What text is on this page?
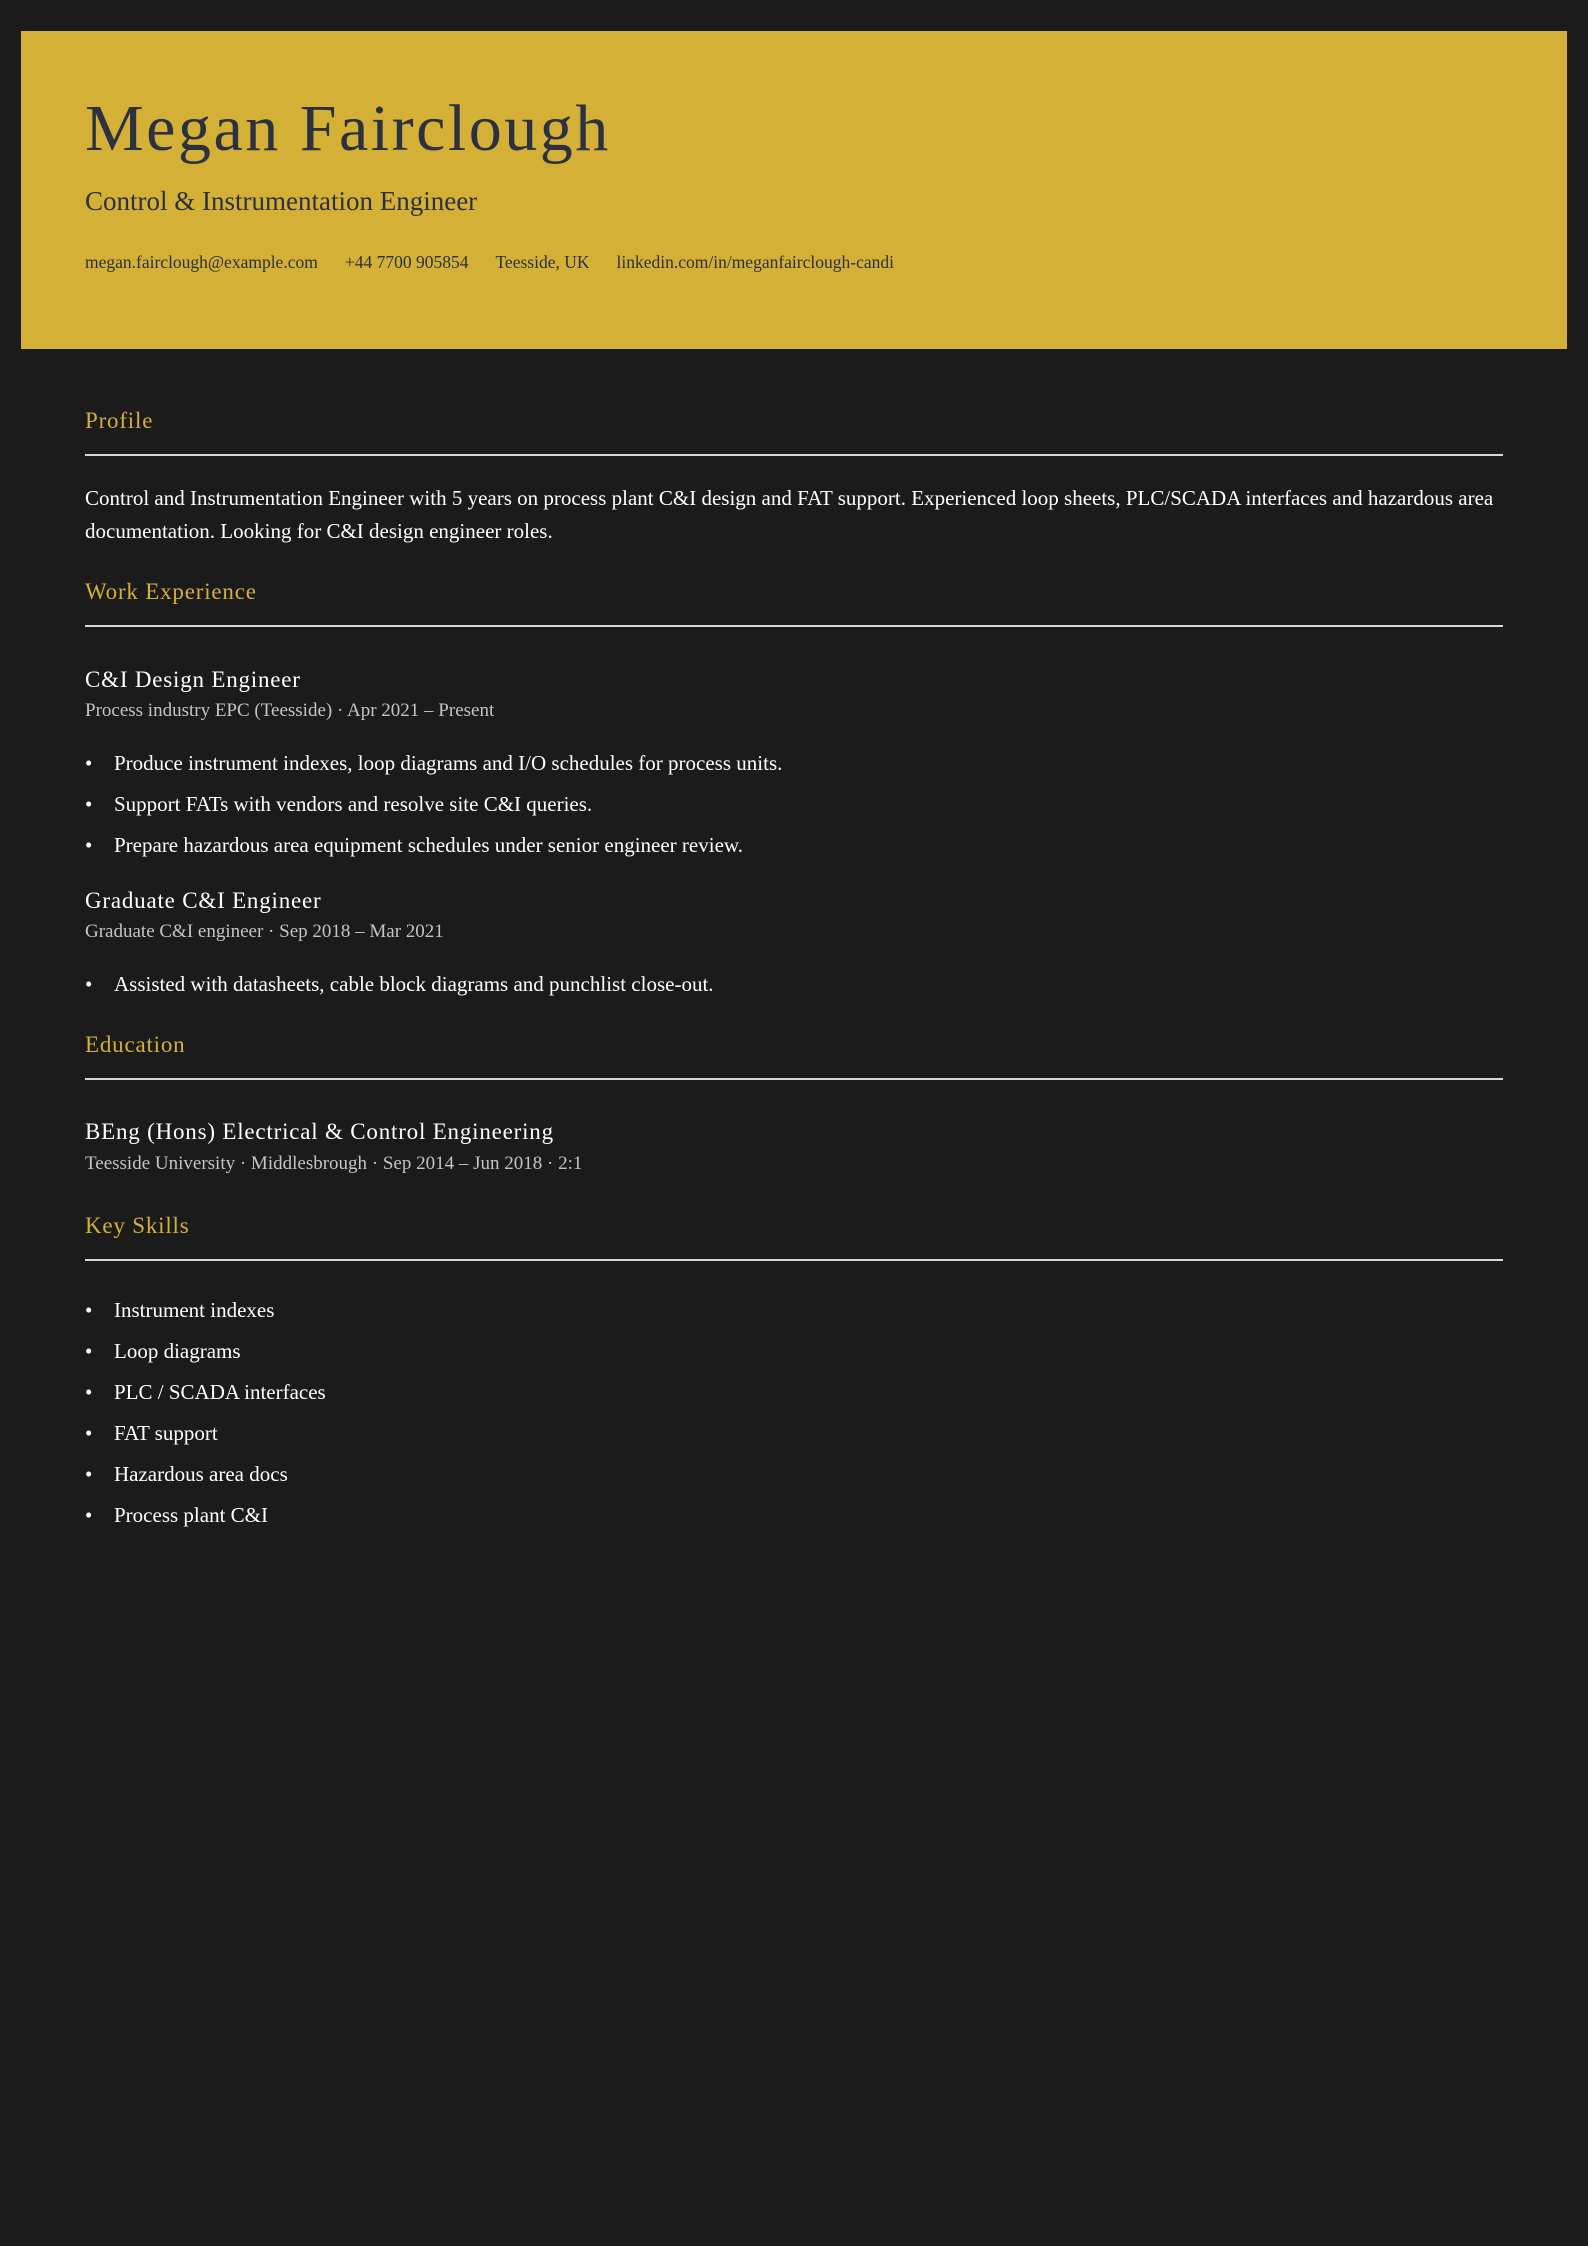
Megan Fairclough
Control & Instrumentation Engineer
megan.fairclough@example.com +44 7700 905854 Teesside, UK linkedin.com/in/meganfairclough-candi
Profile
Control and Instrumentation Engineer with 5 years on process plant C&I design and FAT support. Experienced loop sheets, PLC/SCADA interfaces and hazardous area documentation. Looking for C&I design engineer roles.
Work Experience
C&I Design Engineer
Process industry EPC (Teesside) · Apr 2021 – Present
• Produce instrument indexes, loop diagrams and I/O schedules for process units.
• Support FATs with vendors and resolve site C&I queries.
• Prepare hazardous area equipment schedules under senior engineer review.
Graduate C&I Engineer
Graduate C&I engineer · Sep 2018 – Mar 2021
• Assisted with datasheets, cable block diagrams and punchlist close-out.
Education
BEng (Hons) Electrical & Control Engineering
Teesside University · Middlesbrough · Sep 2014 – Jun 2018 · 2:1
Key Skills
• Instrument indexes
• Loop diagrams
• PLC / SCADA interfaces
• FAT support
• Hazardous area docs
• Process plant C&I
